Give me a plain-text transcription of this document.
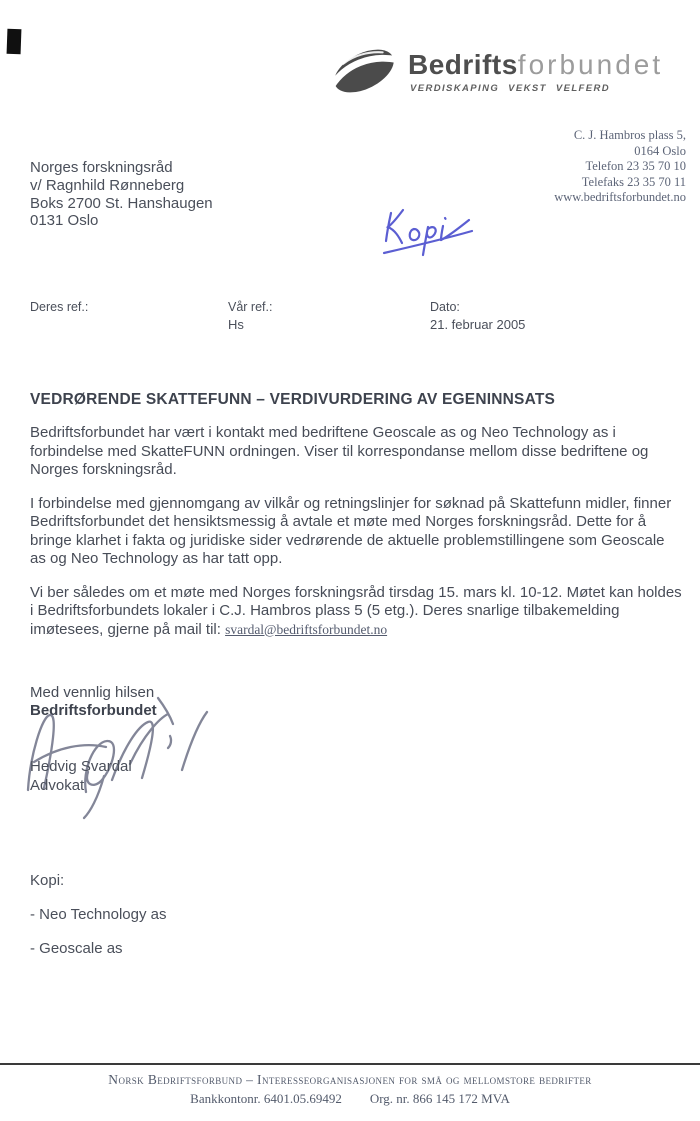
Bedriftsforbundet
VERDISKAPING VEKST VELFERD
C. J. Hambros plass 5,
0164 Oslo
Telefon 23 35 70 10
Telefaks 23 35 70 11
www.bedriftsforbundet.no
Norges forskningsråd
v/ Ragnhild Rønneberg
Boks 2700 St. Hanshaugen
0131 Oslo
Deres ref.:	Vår ref.:
Hs
Dato:
21. februar 2005
VEDRØRENDE SKATTEFUNN – VERDIVURDERING AV EGENINNSATS

Bedriftsforbundet har vært i kontakt med bedriftene Geoscale as og Neo Technology as i forbindelse med SkatteFUNN ordningen. Viser til korrespondanse mellom disse bedriftene og Norges forskningsråd.

I forbindelse med gjennomgang av vilkår og retningslinjer for søknad på Skattefunn midler, finner Bedriftsforbundet det hensiktsmessig å avtale et møte med Norges forskningsråd. Dette for å bringe klarhet i fakta og juridiske sider vedrørende de aktuelle problemstillingene som Geoscale as og Neo Technology as har tatt opp.

Vi ber således om et møte med Norges forskningsråd tirsdag 15. mars kl. 10-12. Møtet kan holdes i Bedriftsforbundets lokaler i C.J. Hambros plass 5 (5 etg.). Deres snarlige tilbakemelding imøtesees, gjerne på mail til: svardal@bedriftsforbundet.no

Med vennlig hilsen
Bedriftsforbundet
Hedvig Svardal
Advokat
Kopi:
- Neo Technology as
- Geoscale as
Norsk Bedriftsforbund – Interesseorganisasjonen for små og mellomstore bedrifter
Bankkontonr. 6401.05.69492 Org. nr. 866 145 172 MVA
